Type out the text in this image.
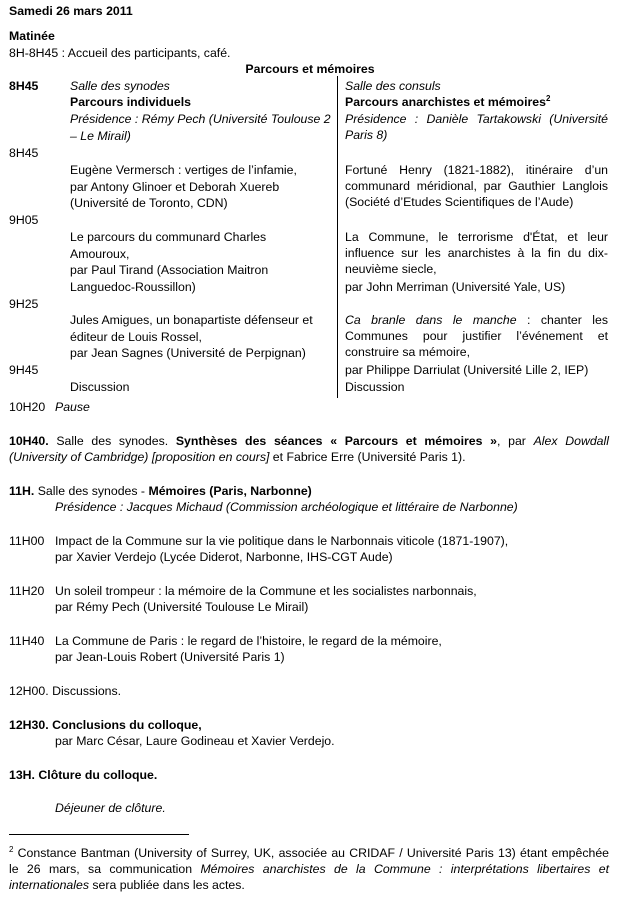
Samedi 26 mars 2011
Matinée
8H-8H45 : Accueil des participants, café.
Parcours et mémoires
8H45
8H45
9H05
9H25
9H45
10H20
Salle des synodes
Parcours individuels
Présidence : Rémy Pech (Université Toulouse 2
– Le Mirail)
Eugène Vermersch : vertiges de l’infamie,
par Antony Glinoer et Deborah Xuereb
(Université de Toronto, CDN)
Le parcours du communard Charles
Amouroux,
par Paul Tirand (Association Maitron
Languedoc-Roussillon)
Jules Amigues, un bonapartiste défenseur et
éditeur de Louis Rossel,
par Jean Sagnes (Université de Perpignan)
Discussion
Pause
Salle des consuls
Parcours anarchistes et mémoires$^2$
Présidence : Danièle Tartakowski (Université Paris 8)
Fortuné Henry (1821-1882), itinéraire d’un communard méridional, par Gauthier Langlois (Société d’Etudes Scientifiques de l’Aude)
La Commune, le terrorisme d'État, et leur influence sur les anarchistes à la fin du dix-neuvième siecle,
par John Merriman (Université Yale, US)
Ca branle dans le manche : chanter les Communes pour justifier l’événement et construire sa mémoire,
par Philippe Darriulat (Université Lille 2, IEP)
Discussion
10H40. Salle des synodes. Synthèses des séances « Parcours et mémoires », par Alex Dowdall (University of Cambridge) [proposition en cours] et Fabrice Erre (Université Paris 1).
11H. Salle des synodes - Mémoires (Paris, Narbonne)
Présidence : Jacques Michaud (Commission archéologique et littéraire de Narbonne)
11H00 Impact de la Commune sur la vie politique dans le Narbonnais viticole (1871-1907),
par Xavier Verdejo (Lycée Diderot, Narbonne, IHS-CGT Aude)
11H20 Un soleil trompeur : la mémoire de la Commune et les socialistes narbonnais,
par Rémy Pech (Université Toulouse Le Mirail)
11H40 La Commune de Paris : le regard de l’histoire, le regard de la mémoire,
par Jean-Louis Robert (Université Paris 1)
12H00. Discussions.
12H30. Conclusions du colloque,
par Marc César, Laure Godineau et Xavier Verdejo.
13H. Clôture du colloque.
Déjeuner de clôture.
$^2$ Constance Bantman (University of Surrey, UK, associée au CRIDAF / Université Paris 13) étant empêchée le 26 mars, sa communication Mémoires anarchistes de la Commune : interprétations libertaires et internationales sera publiée dans les actes.
